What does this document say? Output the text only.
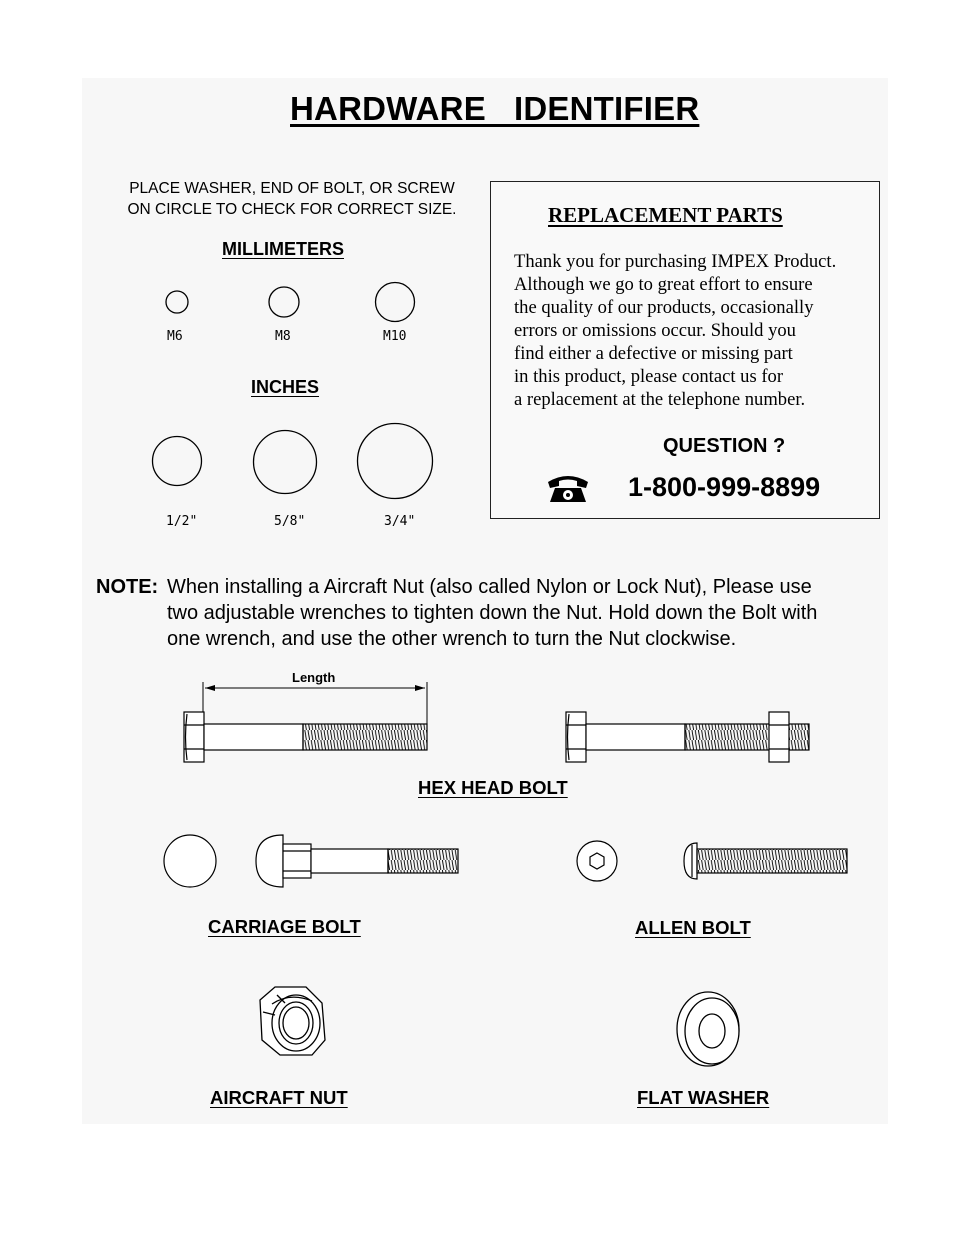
HARDWARE   IDENTIFIER
PLACE WASHER, END OF BOLT, OR SCREW
ON CIRCLE TO CHECK FOR CORRECT SIZE.
MILLIMETERS
M6	M8	M10
INCHES
1/2"	5/8"	3/4"
REPLACEMENT PARTS
Thank you for purchasing IMPEX Product.
Although we go to great effort to ensure
the quality of our products, occasionally
errors or omissions occur. Should you
find either a defective or missing part
in this product, please contact us for
a replacement at the telephone number.
QUESTION ?
1-800-999-8899
NOTE: When installing a Aircraft Nut (also called Nylon or Lock Nut), Please use
two adjustable wrenches to tighten down the Nut. Hold down the Bolt with
one wrench, and use the other wrench to turn the Nut clockwise.
Length
HEX HEAD BOLT
CARRIAGE BOLT	ALLEN BOLT
AIRCRAFT NUT	FLAT WASHER
